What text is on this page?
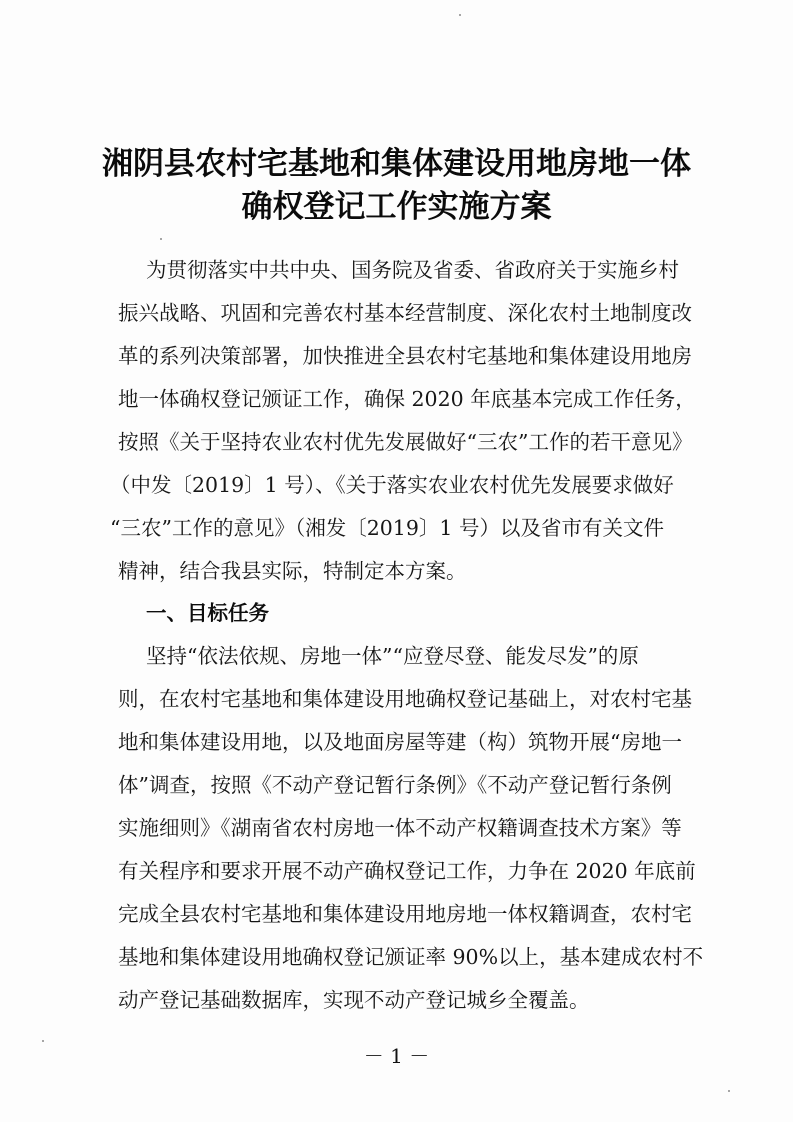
湘阴县农村宅基地和集体建设用地房地一体
确权登记工作实施方案
为贯彻落实中共中央、国务院及省委、省政府关于实施乡村
振兴战略、巩固和完善农村基本经营制度、深化农村土地制度改
革的系列决策部署，加快推进全县农村宅基地和集体建设用地房
地一体确权登记颁证工作，确保 2020 年底基本完成工作任务，
按照《关于坚持农业农村优先发展做好“三农”工作的若干意见》
（中发〔2019〕1 号）、《关于落实农业农村优先发展要求做好
“三农”工作的意见》（湘发〔2019〕1 号）以及省市有关文件
精神，结合我县实际，特制定本方案。
一、目标任务
坚持“依法依规、房地一体”“应登尽登、能发尽发”的原
则，在农村宅基地和集体建设用地确权登记基础上，对农村宅基
地和集体建设用地，以及地面房屋等建（构）筑物开展“房地一
体”调查，按照《不动产登记暂行条例》《不动产登记暂行条例
实施细则》《湖南省农村房地一体不动产权籍调查技术方案》等
有关程序和要求开展不动产确权登记工作，力争在 2020 年底前
完成全县农村宅基地和集体建设用地房地一体权籍调查，农村宅
基地和集体建设用地确权登记颁证率 90%以上，基本建成农村不
动产登记基础数据库，实现不动产登记城乡全覆盖。
－ 1 －
